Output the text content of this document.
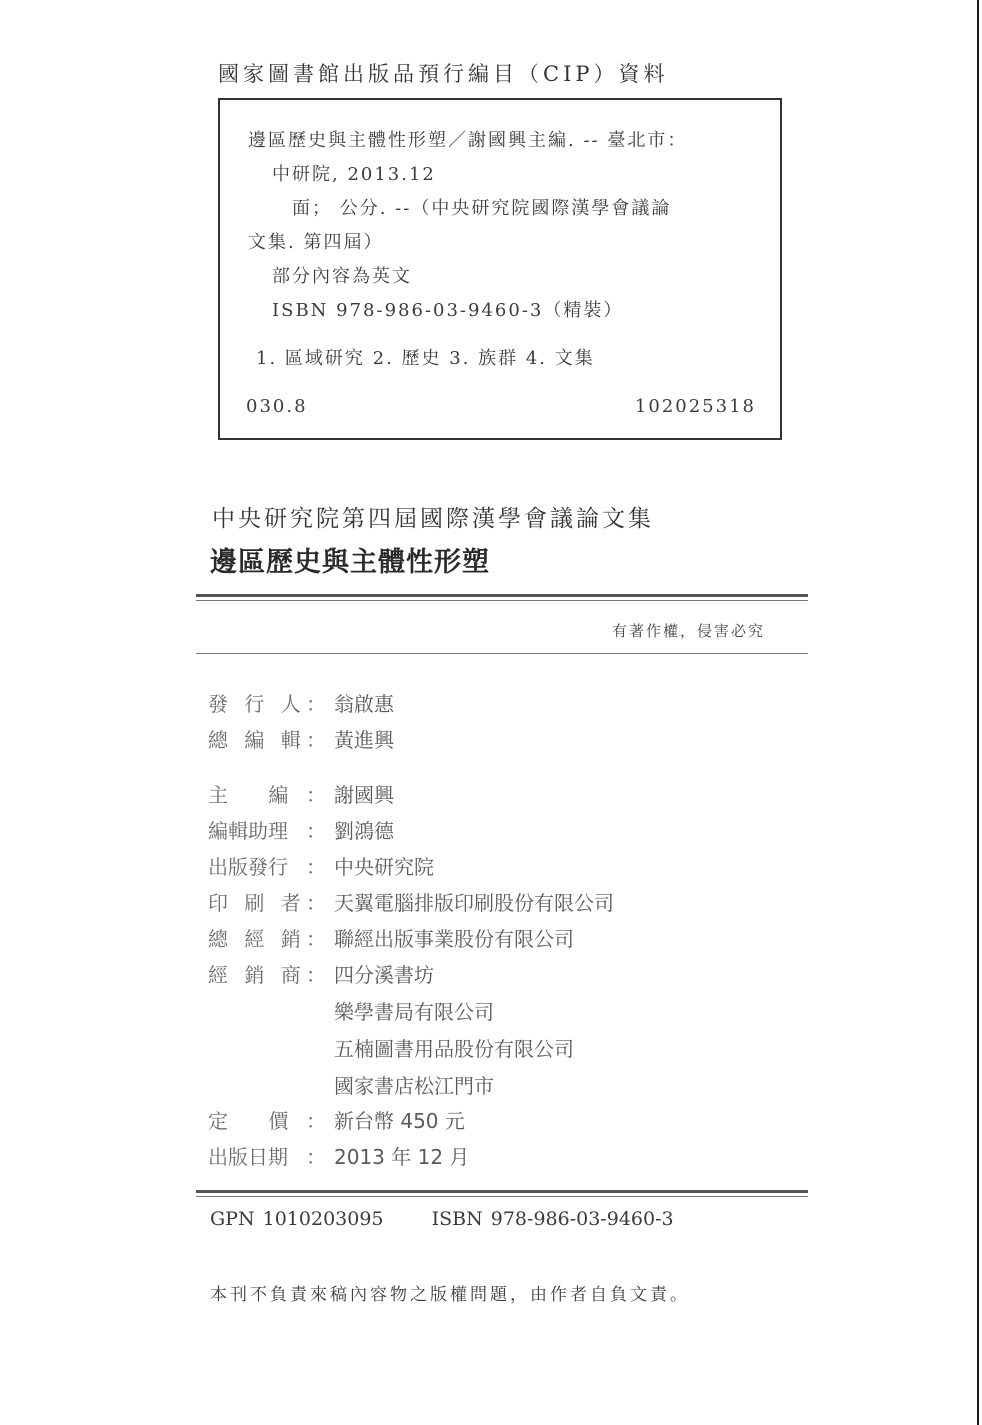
國家圖書館出版品預行編目（CIP）資料
邊區歷史與主體性形塑／謝國興主編. -- 臺北市：
中研院, 2013.12
面； 公分. --（中央研究院國際漢學會議論
文集. 第四屆）
部分內容為英文
ISBN 978-986-03-9460-3（精裝）
1. 區域研究 2. 歷史 3. 族群 4. 文集
030.8	102025318
中央研究院第四屆國際漢學會議論文集
邊區歷史與主體性形塑
有著作權，侵害必究
發 行 人 ： 翁啟惠
總 編 輯 ： 黃進興
主 編 ： 謝國興
編輯助理 ： 劉鴻德
出版發行 ： 中央研究院
印 刷 者 ： 天翼電腦排版印刷股份有限公司
總 經 銷 ： 聯經出版事業股份有限公司
經 銷 商 ： 四分溪書坊
樂學書局有限公司
五楠圖書用品股份有限公司
國家書店松江門市
定 價 ： 新台幣 450 元
出版日期 ： 2013 年 12 月
GPN 1010203095	ISBN 978-986-03-9460-3
本刊不負責來稿內容物之版權問題，由作者自負文責。
